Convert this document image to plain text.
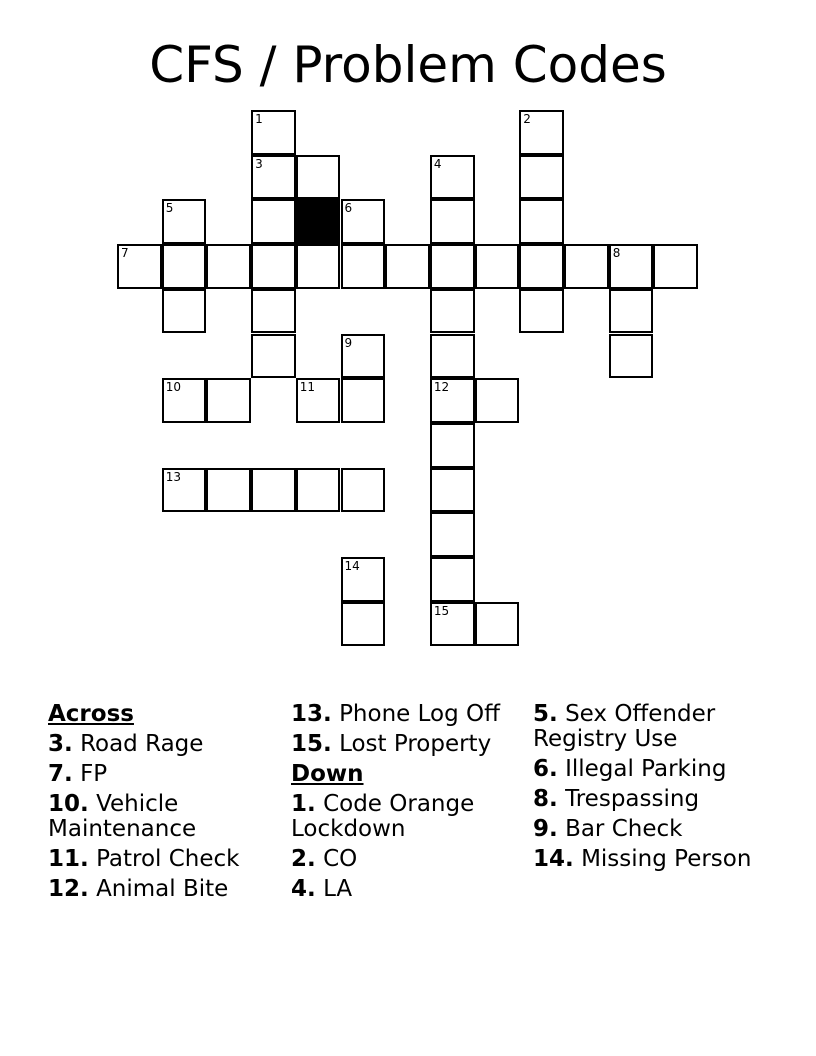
CFS / Problem Codes
1	2
3	4
5	6
7	8
9
10	11	12
13
14
15
Across
3. Road Rage
7. FP
10. Vehicle Maintenance
11. Patrol Check
12. Animal Bite
13. Phone Log Off
15. Lost Property
Down
1. Code Orange Lockdown
2. CO
4. LA
5. Sex Offender Registry Use
6. Illegal Parking
8. Trespassing
9. Bar Check
14. Missing Person
